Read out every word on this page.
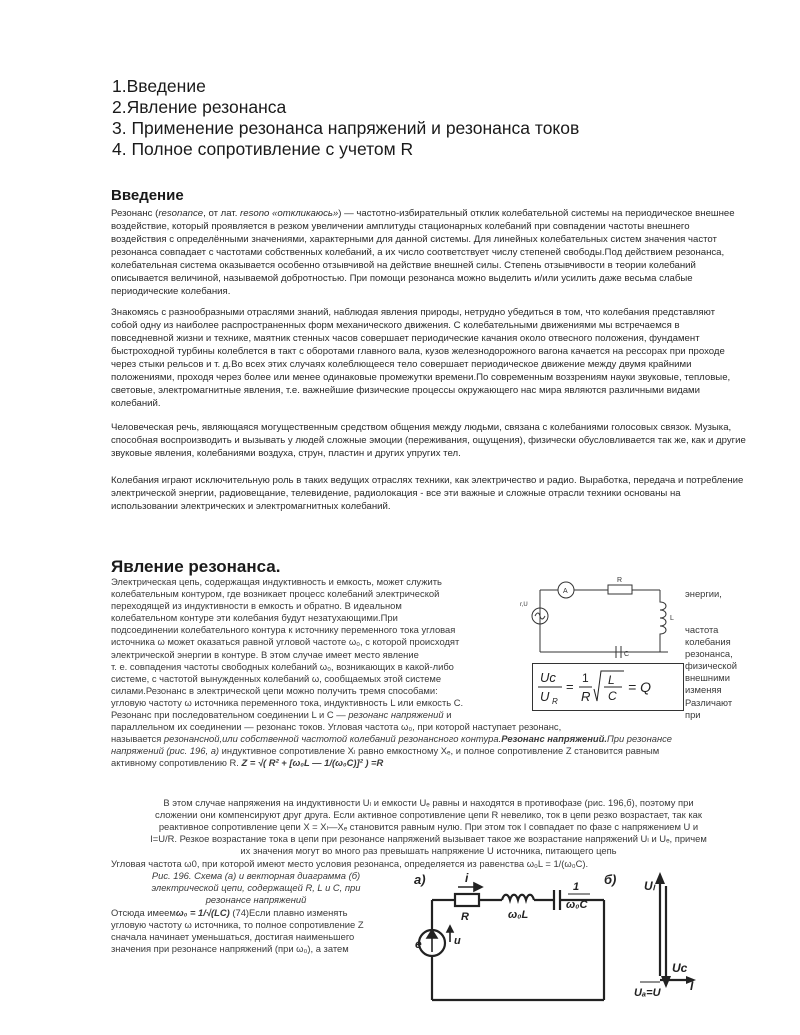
1.Введение
2.Явление резонанса
3. Применение резонанса напряжений и резонанса токов
4. Полное сопротивление с учетом R
Введение
Резонанс (resonance, от лат. resono «откликаюсь») — частотно-избирательный отклик колебательной системы на периодическое внешнее воздействие, который проявляется в резком увеличении амплитуды стационарных колебаний при совпадении частоты внешнего воздействия с определёнными значениями, характерными для данной системы. Для линейных колебательных систем значения частот резонанса совпадает с частотами собственных колебаний, а их число соответствует числу степеней свободы.Под действием резонанса, колебательная система оказывается особенно отзывчивой на действие внешней силы. Степень отзывчивости в теории колебаний описывается величиной, называемой добротностью. При помощи резонанса можно выделить и/или усилить даже весьма слабые периодические колебания.
Знакомясь с разнообразными отраслями знаний, наблюдая явления природы, нетрудно убедиться в том, что колебания представляют собой одну из наиболее распространенных форм механического движения. С колебательными движениями мы встречаемся в повседневной жизни и технике, маятник стенных часов совершает периодические качания около отвесного положения, фундамент быстроходной турбины колеблется в такт с оборотами главного вала, кузов железнодорожного вагона качается на рессорах при проходе через стыки рельсов и т. д.Во всех этих случаях колеблющееся тело совершает периодическое движение между двумя крайними положениями, проходя через более или менее одинаковые промежутки времени.По современным воззрениям науки звуковые, тепловые, световые, электромагнитные явления, т.е. важнейшие физические процессы окружающего нас мира являются различными видами колебаний.
Человеческая речь, являющаяся могущественным средством общения между людьми, связана с колебаниями голосовых связок. Музыка, способная воспроизводить и вызывать у людей сложные эмоции (переживания, ощущения), физически обусловливается так же, как и другие звуковые явления, колебаниями воздуха, струн, пластин и других упругих тел.
Колебания играют исключительную роль в таких ведущих отраслях техники, как электричество и радио. Выработка, передача и потребление электрической энергии, радиовещание, телевидение, радиолокация - все эти важные и сложные отрасли техники основаны на использовании электрических и электромагнитных колебаний.
Явление резонанса.
Электрическая цепь, содержащая индуктивность и емкость, может служить
колебательным контуром, где возникает процесс колебаний электрической
переходящей из индуктивности в емкость и обратно. В идеальном
колебательном контуре эти колебания будут незатухающими.При
подсоединении колебательного контура к источнику переменного тока угловая
источника ω может оказаться равной угловой частоте ω₀, с которой происходят
электрической энергии в контуре. В этом случае имеет место явление
т. е. совпадения частоты свободных колебаний ω₀, возникающих в какой-либо
системе, с частотой вынужденных колебаний ω, сообщаемых этой системе
силами.Резонанс в электрической цепи можно получить тремя способами:
угловую частоту ω источника переменного тока, индуктивность L или емкость С.
Резонанс при последовательном соединении L и С — резонанс напряжений и
энергии,
частота
колебания
резонанса,
физической
внешними
изменяя
Различают
при
A
R
L
C
r,U
Uc
U R
=
1
R
L
C
= Q
параллельном их соединении — резонанс токов. Угловая частота ω₀, при которой наступает резонанс,
называется резонансной,или собственной частотой колебаний резонансного контура.Резонанс напряжений.При резонансе
напряжений (рис. 196, а) индуктивное сопротивление Xₗ равно емкостному Xₑ, и полное сопротивление Z становится равным
активному сопротивлению R. Z = √( R² + [ω₀L — 1/(ω₀C)]² ) =R
В этом случае напряжения на индуктивности Uₗ и емкости Uₑ равны и находятся в противофазе (рис. 196,б), поэтому при
сложении они компенсируют друг друга. Если активное сопротивление цепи R невелико, ток в цепи резко возрастает, так как
реактивное сопротивление цепи X = Xₗ—Xₑ становится равным нулю. При этом ток I совпадает по фазе с напряжением U и
I=U/R. Резкое возрастание тока в цепи при резонансе напряжений вызывает такое же возрастание напряжений Uₗ и Uₑ, причем
их значения могут во много раз превышать напряжение U источника, питающего цепь
Угловая частота ω0, при которой имеют место условия резонанса, определяется из равенства ω₀L = 1/(ω₀C).
Рис. 196. Схема (а) и векторная диаграмма (б)
электрической цепи, содержащей R, L и С, при
резонансе напряжений
Отсюда имеемω₀ = 1/√(LC) (74)Если плавно изменять
угловую частоту ω источника, то полное сопротивление Z
сначала начинает уменьшаться, достигая наименьшего
значения при резонансе напряжений (при ω₀), а затем
а)	i
R	ω₀L
1
ω₀C
e	u
б) Uₗ
Uc
Uₐ=U I
